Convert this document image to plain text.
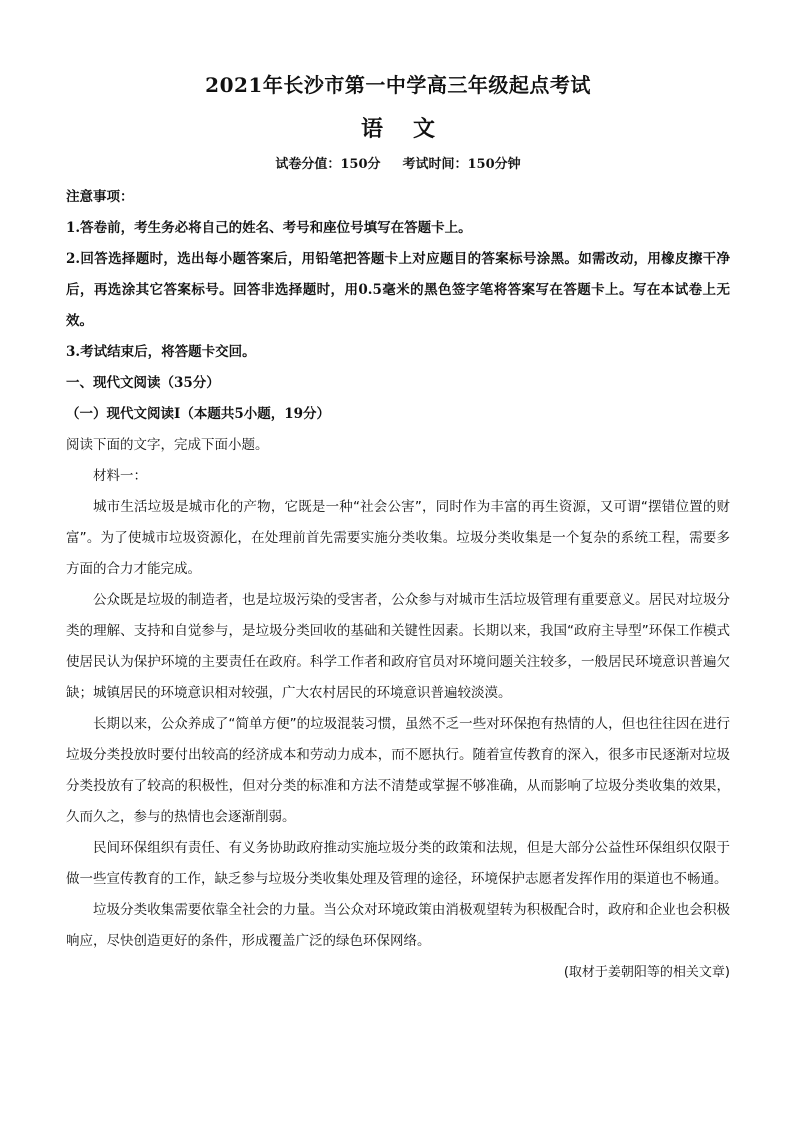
2021年长沙市第一中学高三年级起点考试
语 文
试卷分值：150分 考试时间：150分钟
注意事项：
1.答卷前，考生务必将自己的姓名、考号和座位号填写在答题卡上。
2.回答选择题时，选出每小题答案后，用铅笔把答题卡上对应题目的答案标号涂黑。如需改动，用橡皮擦干净后，再选涂其它答案标号。回答非选择题时，用0.5毫米的黑色签字笔将答案写在答题卡上。写在本试卷上无效。
3.考试结束后，将答题卡交回。
一、现代文阅读（35分）
（一）现代文阅读Ⅰ（本题共5小题，19分）
阅读下面的文字，完成下面小题。
材料一：
城市生活垃圾是城市化的产物，它既是一种“社会公害”，同时作为丰富的再生资源，又可谓“摆错位置的财富”。为了使城市垃圾资源化，在处理前首先需要实施分类收集。垃圾分类收集是一个复杂的系统工程，需要多方面的合力才能完成。
公众既是垃圾的制造者，也是垃圾污染的受害者，公众参与对城市生活垃圾管理有重要意义。居民对垃圾分类的理解、支持和自觉参与，是垃圾分类回收的基础和关键性因素。长期以来，我国“政府主导型”环保工作模式使居民认为保护环境的主要责任在政府。科学工作者和政府官员对环境问题关注较多，一般居民环境意识普遍欠缺；城镇居民的环境意识相对较强，广大农村居民的环境意识普遍较淡漠。
长期以来，公众养成了“简单方便”的垃圾混装习惯，虽然不乏一些对环保抱有热情的人，但也往往因在进行垃圾分类投放时要付出较高的经济成本和劳动力成本，而不愿执行。随着宣传教育的深入，很多市民逐渐对垃圾分类投放有了较高的积极性，但对分类的标准和方法不清楚或掌握不够准确，从而影响了垃圾分类收集的效果，久而久之，参与的热情也会逐渐削弱。
民间环保组织有责任、有义务协助政府推动实施垃圾分类的政策和法规，但是大部分公益性环保组织仅限于做一些宣传教育的工作，缺乏参与垃圾分类收集处理及管理的途径，环境保护志愿者发挥作用的渠道也不畅通。
垃圾分类收集需要依靠全社会的力量。当公众对环境政策由消极观望转为积极配合时，政府和企业也会积极响应，尽快创造更好的条件，形成覆盖广泛的绿色环保网络。
(取材于姜朝阳等的相关文章)
